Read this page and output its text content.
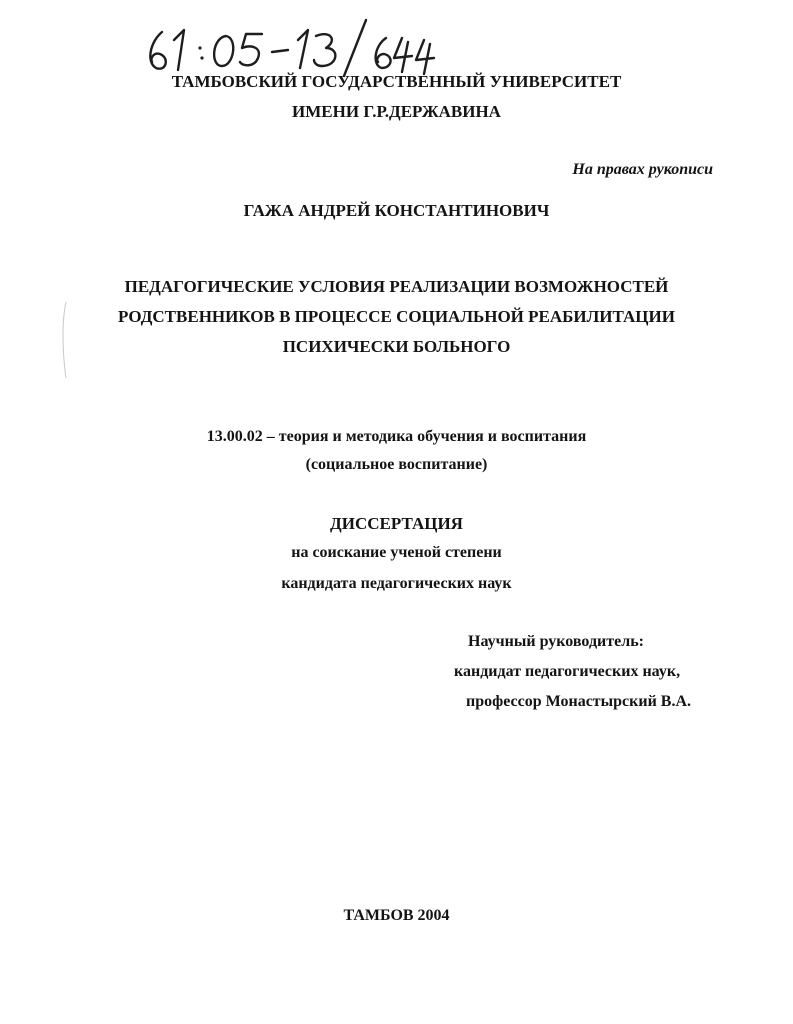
ТАМБОВСКИЙ ГОСУДАРСТВЕННЫЙ УНИВЕРСИТЕТ
ИМЕНИ Г.Р.ДЕРЖАВИНА
На правах рукописи
ГАЖА АНДРЕЙ КОНСТАНТИНОВИЧ
ПЕДАГОГИЧЕСКИЕ УСЛОВИЯ РЕАЛИЗАЦИИ ВОЗМОЖНОСТЕЙ
РОДСТВЕННИКОВ В ПРОЦЕССЕ СОЦИАЛЬНОЙ РЕАБИЛИТАЦИИ
ПСИХИЧЕСКИ БОЛЬНОГО
13.00.02 – теория и методика обучения и воспитания
(социальное воспитание)
ДИССЕРТАЦИЯ
на соискание ученой степени
кандидата педагогических наук
Научный руководитель:
кандидат педагогических наук,
профессор Монастырский В.А.
ТАМБОВ 2004
